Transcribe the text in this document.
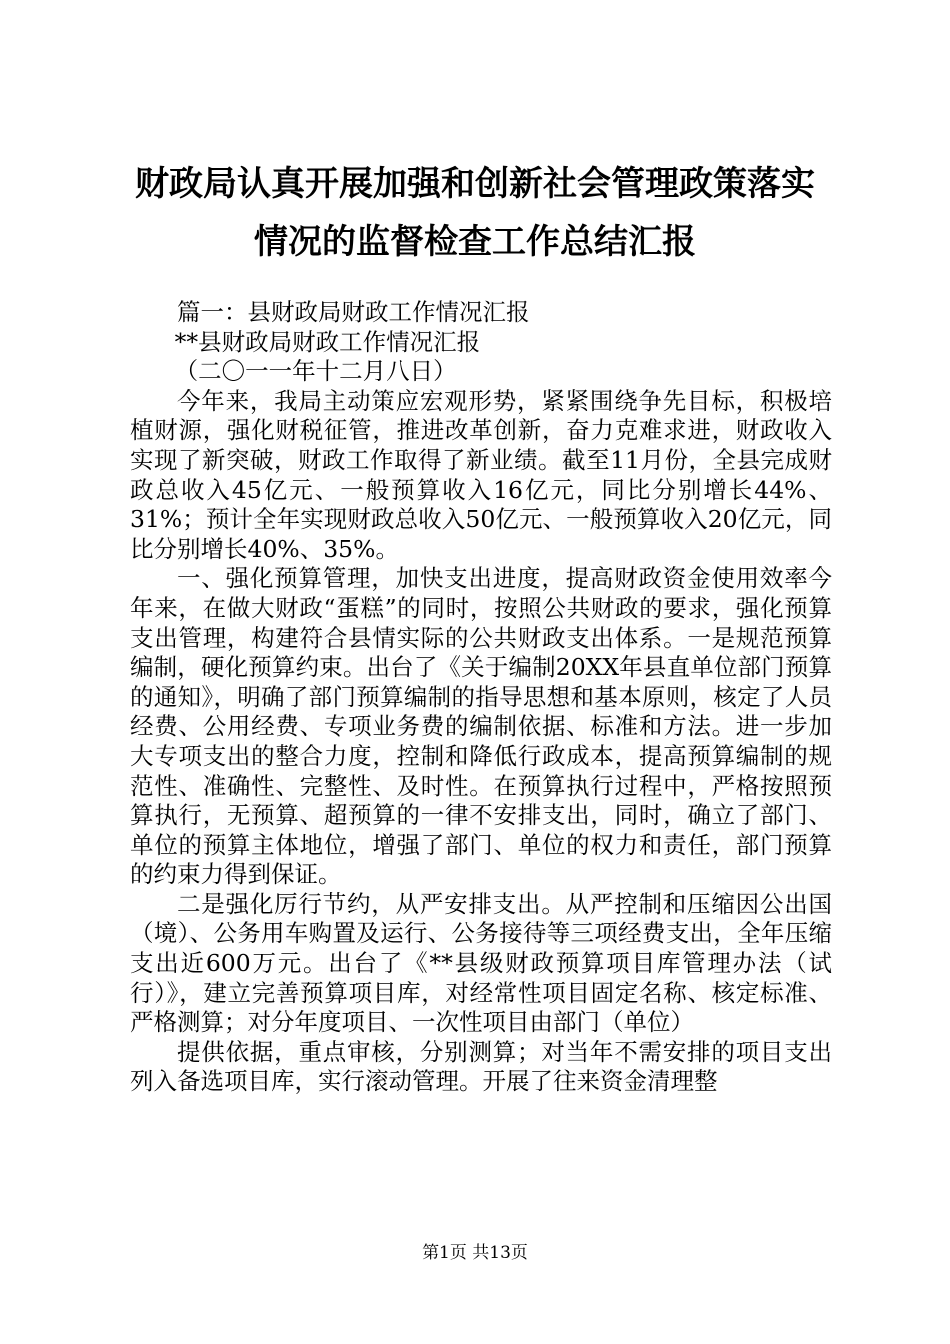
财政局认真开展加强和创新社会管理政策落实
情况的监督检查工作总结汇报

篇一：县财政局财政工作情况汇报

**县财政局财政工作情况汇报

（二〇一一年十二月八日）

今年来，我局主动策应宏观形势，紧紧围绕争先目标，积极培植财源，强化财税征管，推进改革创新，奋力克难求进，财政收入实现了新突破，财政工作取得了新业绩。截至11月份，全县完成财政总收入45亿元、一般预算收入16亿元，同比分别增长44%、31%；预计全年实现财政总收入50亿元、一般预算收入20亿元，同比分别增长40%、35%。

一、强化预算管理，加快支出进度，提高财政资金使用效率今年来，在做大财政“蛋糕”的同时，按照公共财政的要求，强化预算支出管理，构建符合县情实际的公共财政支出体系。一是规范预算编制，硬化预算约束。出台了《关于编制20XX年县直单位部门预算的通知》，明确了部门预算编制的指导思想和基本原则，核定了人员经费、公用经费、专项业务费的编制依据、标准和方法。进一步加大专项支出的整合力度，控制和降低行政成本，提高预算编制的规范性、准确性、完整性、及时性。在预算执行过程中，严格按照预算执行，无预算、超预算的一律不安排支出，同时，确立了部门、单位的预算主体地位，增强了部门、单位的权力和责任，部门预算的约束力得到保证。

二是强化厉行节约，从严安排支出。从严控制和压缩因公出国（境）、公务用车购置及运行、公务接待等三项经费支出，全年压缩支出近600万元。出台了《**县级财政预算项目库管理办法（试行）》，建立完善预算项目库，对经常性项目固定名称、核定标准、严格测算；对分年度项目、一次性项目由部门（单位）

提供依据，重点审核，分别测算；对当年不需安排的项目支出列入备选项目库，实行滚动管理。开展了往来资金清理整

第1页 共13页
